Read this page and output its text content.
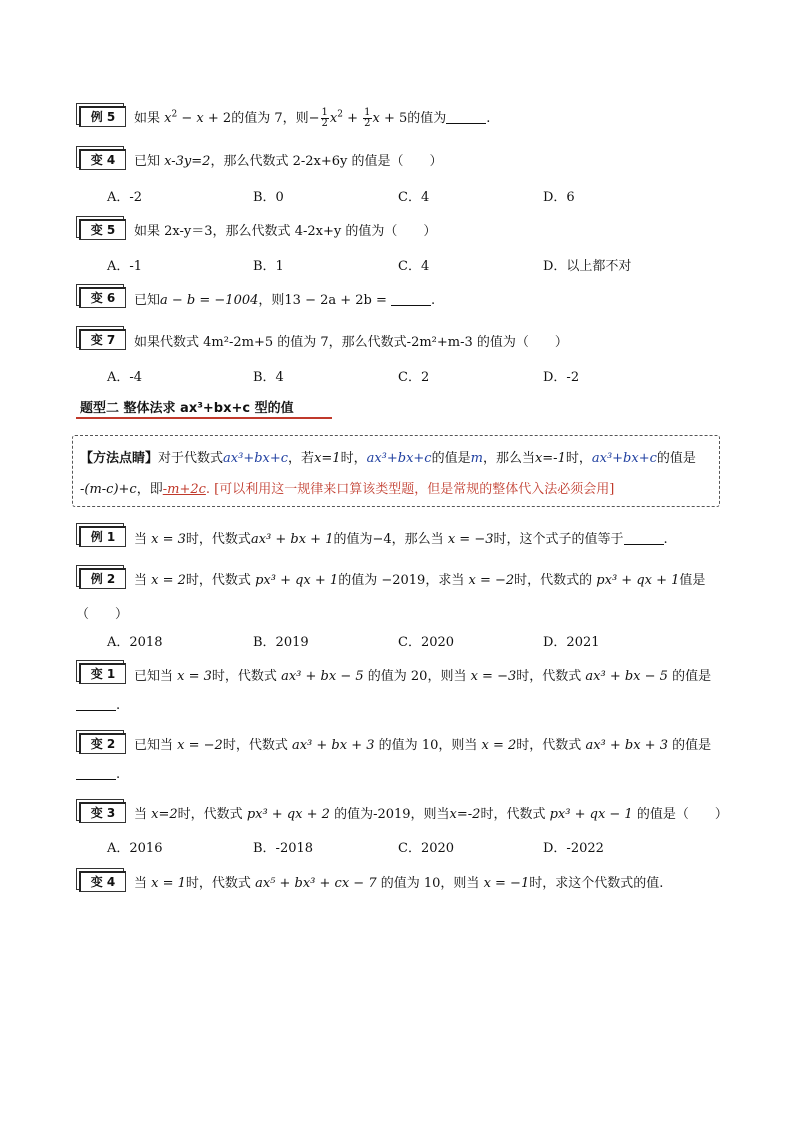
例 5	如果 $x^2 - x + 2$的值为 7，则− $\frac{1}{2} x^2 + \frac{1}{2}$ x + 5的值为	.
变 4	已知 x-3y=2，那么代数式 2-2x+6y 的值是（　　）
A．-2	B．0	C．4	D．6
变 5	如果 2x-y＝3，那么代数式 4-2x+y 的值为（　　）
A．-1	B．1	C．4	D．以上都不对
变 6	已知a − b = −1004，则13 − 2a + 2b =	.
变 7	如果代数式 4m²-2m+5 的值为 7，那么代数式-2m²+m-3 的值为（　　）
A．-4	B．4	C．2	D．-2
题型二 整体法求 ax³+bx+c 型的值
【方法点睛】对于代数式ax³+bx+c，若x=1时，ax³+bx+c的值是m，那么当x=-1时，ax³+bx+c的值是
-(m-c)+c，即-m+2c. [可以利用这一规律来口算该类型题，但是常规的整体代入法必须会用]
例 1	当 x = 3时，代数式ax³ + bx + 1的值为−4，那么当 x = −3时，这个式子的值等于	.
例 2	当 x = 2时，代数式 px³ + qx + 1的值为 −2019，求当 x = −2时，代数式的 px³ + qx + 1值是
（　　）
A．2018	B．2019	C．2020	D．2021
变 1	已知当 x = 3时，代数式 ax³ + bx − 5 的值为 20，则当 x = −3时，代数式 ax³ + bx − 5 的值是
.
变 2	已知当 x = −2时，代数式 ax³ + bx + 3 的值为 10，则当 x = 2时，代数式 ax³ + bx + 3 的值是
.
变 3	当 x=2时，代数式 px³ + qx + 2 的值为-2019，则当x=-2时，代数式 px³ + qx − 1 的值是（　　）
A．2016	B．-2018	C．2020	D．-2022
变 4	当 x = 1时，代数式 ax⁵ + bx³ + cx − 7 的值为 10，则当 x = −1时，求这个代数式的值.
